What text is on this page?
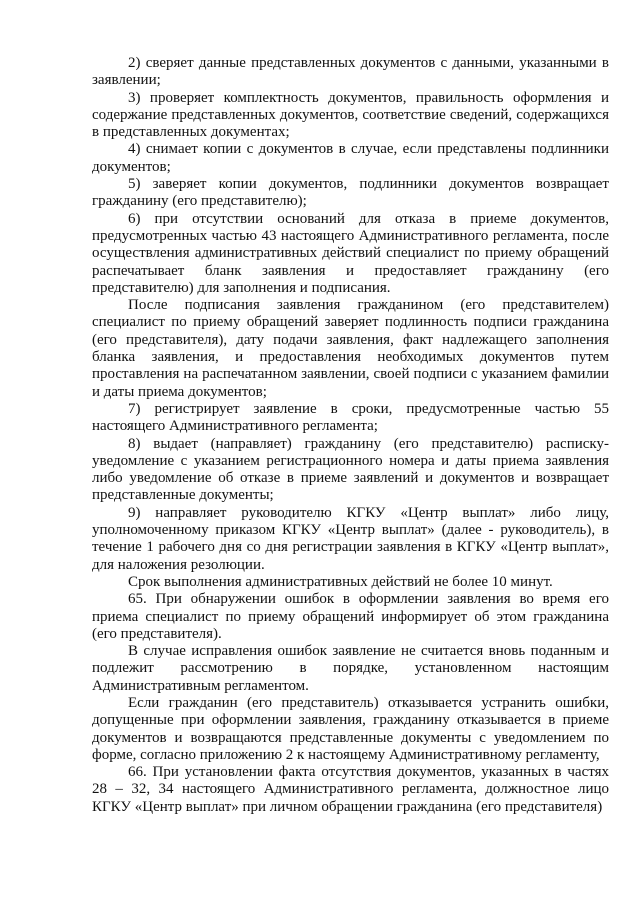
2) сверяет данные представленных документов с данными, указанными в заявлении;

3) проверяет комплектность документов, правильность оформления и содержание представленных документов, соответствие сведений, содержащихся в представленных документах;

4) снимает копии с документов в случае, если представлены подлинники документов;

5) заверяет копии документов, подлинники документов возвращает гражданину (его представителю);

6) при отсутствии оснований для отказа в приеме документов, предусмотренных частью 43 настоящего Административного регламента, после осуществления административных действий специалист по приему обращений распечатывает бланк заявления и предоставляет гражданину (его представителю) для заполнения и подписания.

После подписания заявления гражданином (его представителем) специалист по приему обращений заверяет подлинность подписи гражданина (его представителя), дату подачи заявления, факт надлежащего заполнения бланка заявления, и предоставления необходимых документов путем проставления на распечатанном заявлении, своей подписи с указанием фамилии и даты приема документов;

7) регистрирует заявление в сроки, предусмотренные частью 55 настоящего Административного регламента;

8) выдает (направляет) гражданину (его представителю) расписку-уведомление с указанием регистрационного номера и даты приема заявления либо уведомление об отказе в приеме заявлений и документов и возвращает представленные документы;

9) направляет руководителю КГКУ «Центр выплат» либо лицу, уполномоченному приказом КГКУ «Центр выплат» (далее - руководитель), в течение 1 рабочего дня со дня регистрации заявления в КГКУ «Центр выплат», для наложения резолюции.

Срок выполнения административных действий не более 10 минут.

65. При обнаружении ошибок в оформлении заявления во время его приема специалист по приему обращений информирует об этом гражданина (его представителя).

В случае исправления ошибок заявление не считается вновь поданным и подлежит рассмотрению в порядке, установленном настоящим Административным регламентом.

Если гражданин (его представитель) отказывается устранить ошибки, допущенные при оформлении заявления, гражданину отказывается в приеме документов и возвращаются представленные документы с уведомлением по форме, согласно приложению 2 к настоящему Административному регламенту,

66. При установлении факта отсутствия документов, указанных в частях 28 – 32, 34 настоящего Административного регламента, должностное лицо КГКУ «Центр выплат» при личном обращении гражданина (его представителя)
